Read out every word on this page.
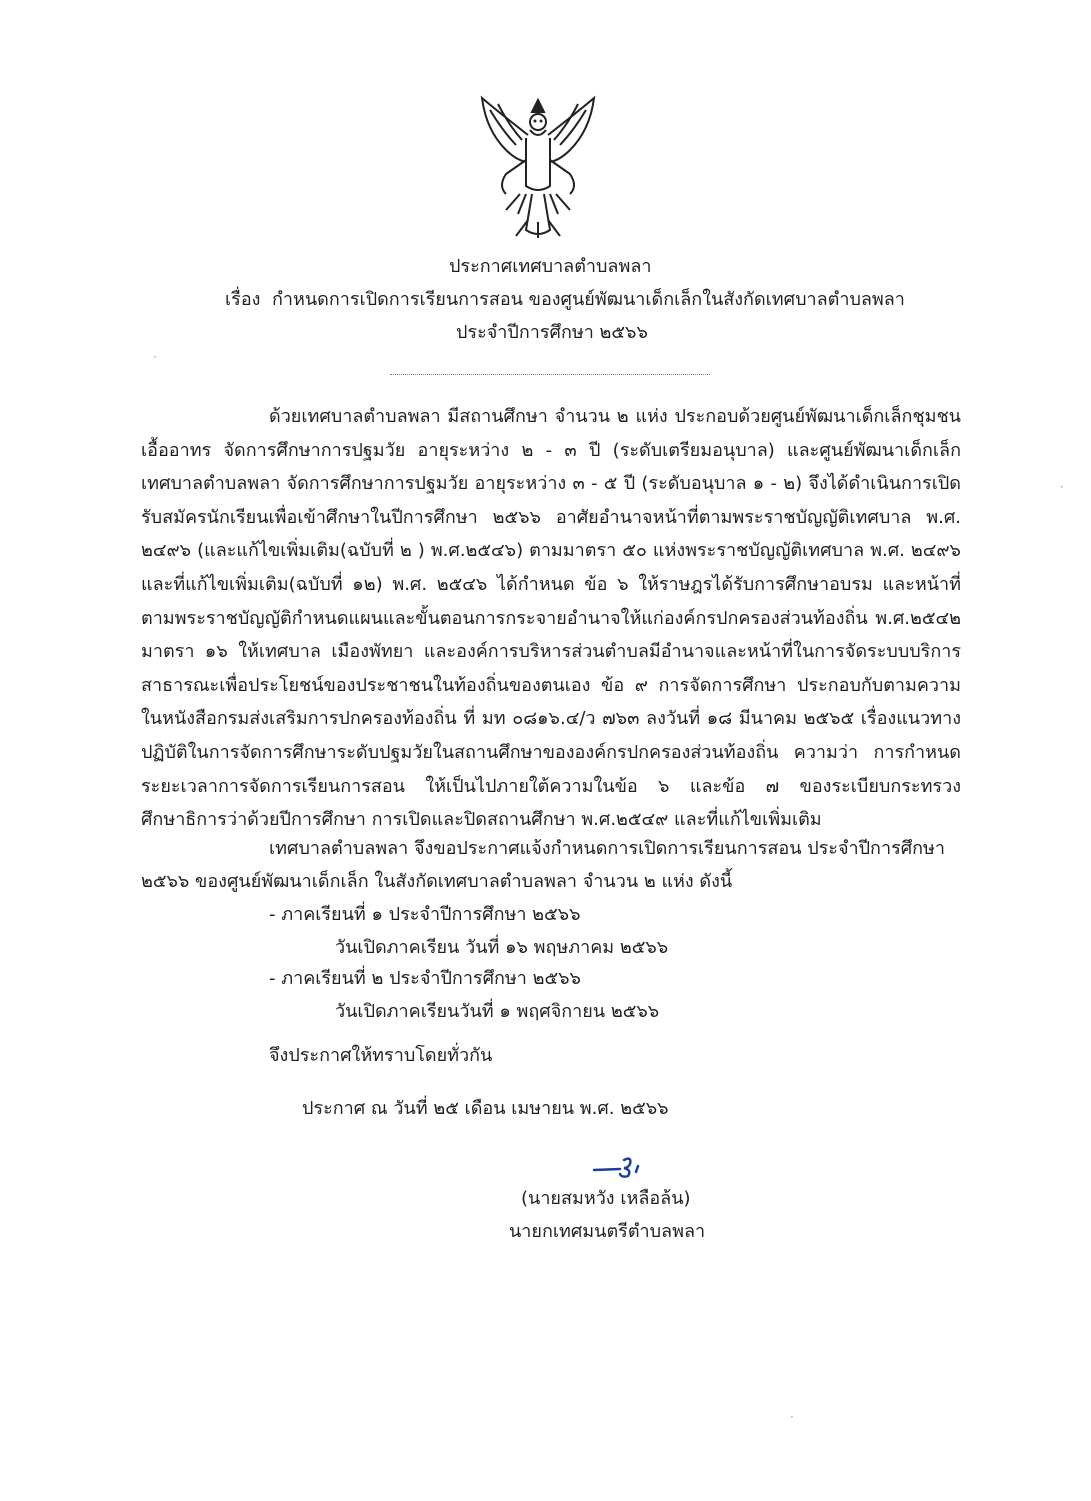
ประกาศเทศบาลตำบลพลา
เรื่อง กำหนดการเปิดการเรียนการสอน ของศูนย์พัฒนาเด็กเล็กในสังกัดเทศบาลตำบลพลา
ประจำปีการศึกษา ๒๕๖๖
ด้วยเทศบาลตำบลพลา มีสถานศึกษา จำนวน ๒ แห่ง ประกอบด้วยศูนย์พัฒนาเด็กเล็กชุมชน เอื้ออาทร จัดการศึกษาการปฐมวัย อายุระหว่าง ๒ - ๓ ปี (ระดับเตรียมอนุบาล) และศูนย์พัฒนาเด็กเล็กเทศบาลตำบลพลา จัดการศึกษาการปฐมวัย อายุระหว่าง ๓ - ๕ ปี (ระดับอนุบาล ๑ - ๒) จึงได้ดำเนินการเปิดรับสมัครนักเรียนเพื่อเข้าศึกษาในปีการศึกษา ๒๕๖๖ อาศัยอำนาจหน้าที่ตามพระราชบัญญัติเทศบาล พ.ศ. ๒๔๙๖ (และแก้ไขเพิ่มเติม(ฉบับที่ ๒ ) พ.ศ.๒๕๔๖) ตามมาตรา ๕๐ แห่งพระราชบัญญัติเทศบาล พ.ศ. ๒๔๙๖ และที่แก้ไขเพิ่มเติม(ฉบับที่ ๑๒) พ.ศ. ๒๕๔๖ ได้กำหนด ข้อ ๖ ให้ราษฎรได้รับการศึกษาอบรม และหน้าที่ตามพระราชบัญญัติกำหนดแผนและขั้นตอนการกระจายอำนาจให้แก่องค์กรปกครองส่วนท้องถิ่น พ.ศ.๒๕๔๒ มาตรา ๑๖ ให้เทศบาล เมืองพัทยา และองค์การบริหารส่วนตำบลมีอำนาจและหน้าที่ในการจัดระบบบริการสาธารณะเพื่อประโยชน์ของประชาชนในท้องถิ่นของตนเอง ข้อ ๙ การจัดการศึกษา ประกอบกับตามความในหนังสือกรมส่งเสริมการปกครองท้องถิ่น ที่ มท ๐๘๑๖.๔/ว ๗๖๓ ลงวันที่ ๑๘ มีนาคม ๒๕๖๕ เรื่องแนวทางปฏิบัติในการจัดการศึกษาระดับปฐมวัยในสถานศึกษาขององค์กรปกครองส่วนท้องถิ่น ความว่า การกำหนดระยะเวลาการจัดการเรียนการสอน ให้เป็นไปภายใต้ความในข้อ ๖ และข้อ ๗ ของระเบียบกระทรวงศึกษาธิการว่าด้วยปีการศึกษา การเปิดและปิดสถานศึกษา พ.ศ.๒๕๔๙ และที่แก้ไขเพิ่มเติม
เทศบาลตำบลพลา จึงขอประกาศแจ้งกำหนดการเปิดการเรียนการสอน ประจำปีการศึกษา
๒๕๖๖ ของศูนย์พัฒนาเด็กเล็ก ในสังกัดเทศบาลตำบลพลา จำนวน ๒ แห่ง ดังนี้
- ภาคเรียนที่ ๑ ประจำปีการศึกษา ๒๕๖๖
วันเปิดภาคเรียน วันที่ ๑๖ พฤษภาคม ๒๕๖๖
- ภาคเรียนที่ ๒ ประจำปีการศึกษา ๒๕๖๖
วันเปิดภาคเรียนวันที่ ๑ พฤศจิกายน ๒๕๖๖
จึงประกาศให้ทราบโดยทั่วกัน
ประกาศ ณ วันที่ ๒๕ เดือน เมษายน พ.ศ. ๒๕๖๖
(นายสมหวัง เหลือล้น)
นายกเทศมนตรีตำบลพลา
·
·
·
